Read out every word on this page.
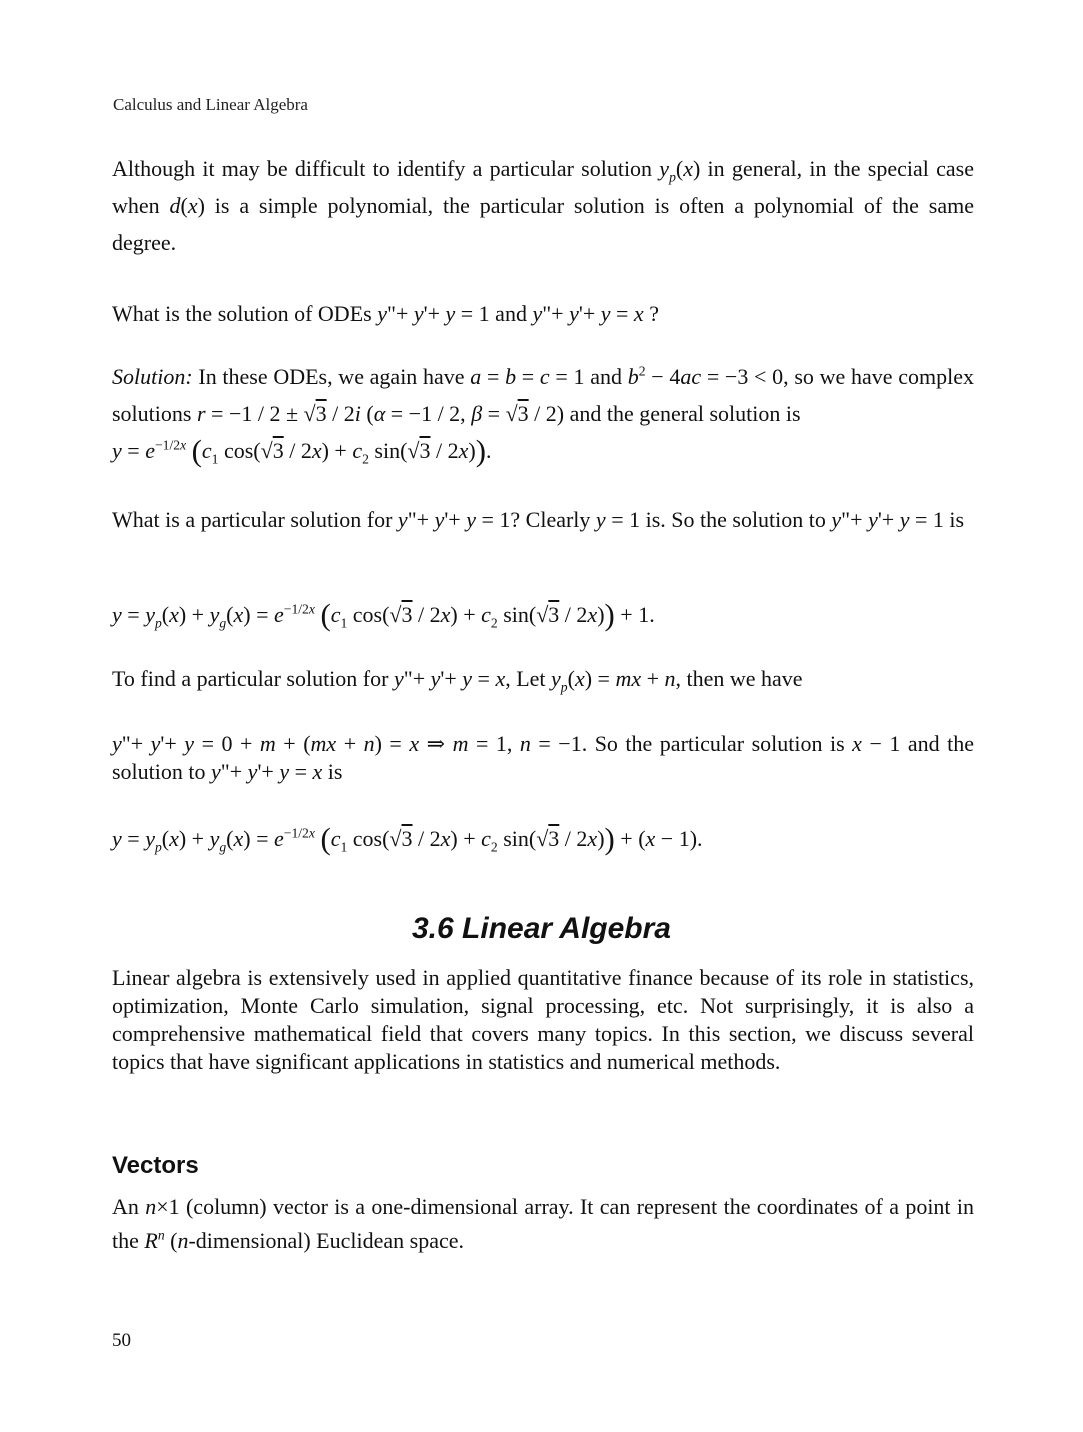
Calculus and Linear Algebra
Although it may be difficult to identify a particular solution $y_p(x)$ in general, in the special case when d(x) is a simple polynomial, the particular solution is often a polynomial of the same degree.
What is the solution of ODEs y"+ y'+ y = 1 and y"+ y'+ y = x ?
Solution: In these ODEs, we again have a = b = c = 1 and $b^2 - 4ac = -3 < 0$, so we have complex solutions r = −1 / 2 ± √3 / 2i (α = −1 / 2, β = √3 / 2) and the general solution is
$y = e^{-1/2x}$ ($c_1$ $\cos(√3 / 2x) + c_2$ sin(√3 / 2x)).
What is a particular solution for y"+ y'+ y = 1? Clearly y = 1 is. So the solution to y"+ y'+ y = 1 is
$y = y_p(x) + y_g(x) = e^{-1/2x}$ ($c_1$ $\cos(√3 / 2x) + c_2$ sin(√3 / 2x)) + 1.
To find a particular solution for y"+ y'+ y = x, Let $y_p(x)$ = mx + n, then we have
y"+ y'+ y = 0 + m + (mx + n) = x ⇒ m = 1, n = −1. So the particular solution is x − 1 and the solution to y"+ y'+ y = x is
$y = y_p(x) + y_g(x) = e^{-1/2x}$ ($c_1$ $\cos(√3 / 2x) + c_2$ sin(√3 / 2x)) + (x − 1).
3.6 Linear Algebra
Linear algebra is extensively used in applied quantitative finance because of its role in statistics, optimization, Monte Carlo simulation, signal processing, etc. Not surprisingly, it is also a comprehensive mathematical field that covers many topics. In this section, we discuss several topics that have significant applications in statistics and numerical methods.
Vectors
An n×1 (column) vector is a one-dimensional array. It can represent the coordinates of a point in the $R^n$ (n-dimensional) Euclidean space.
50
